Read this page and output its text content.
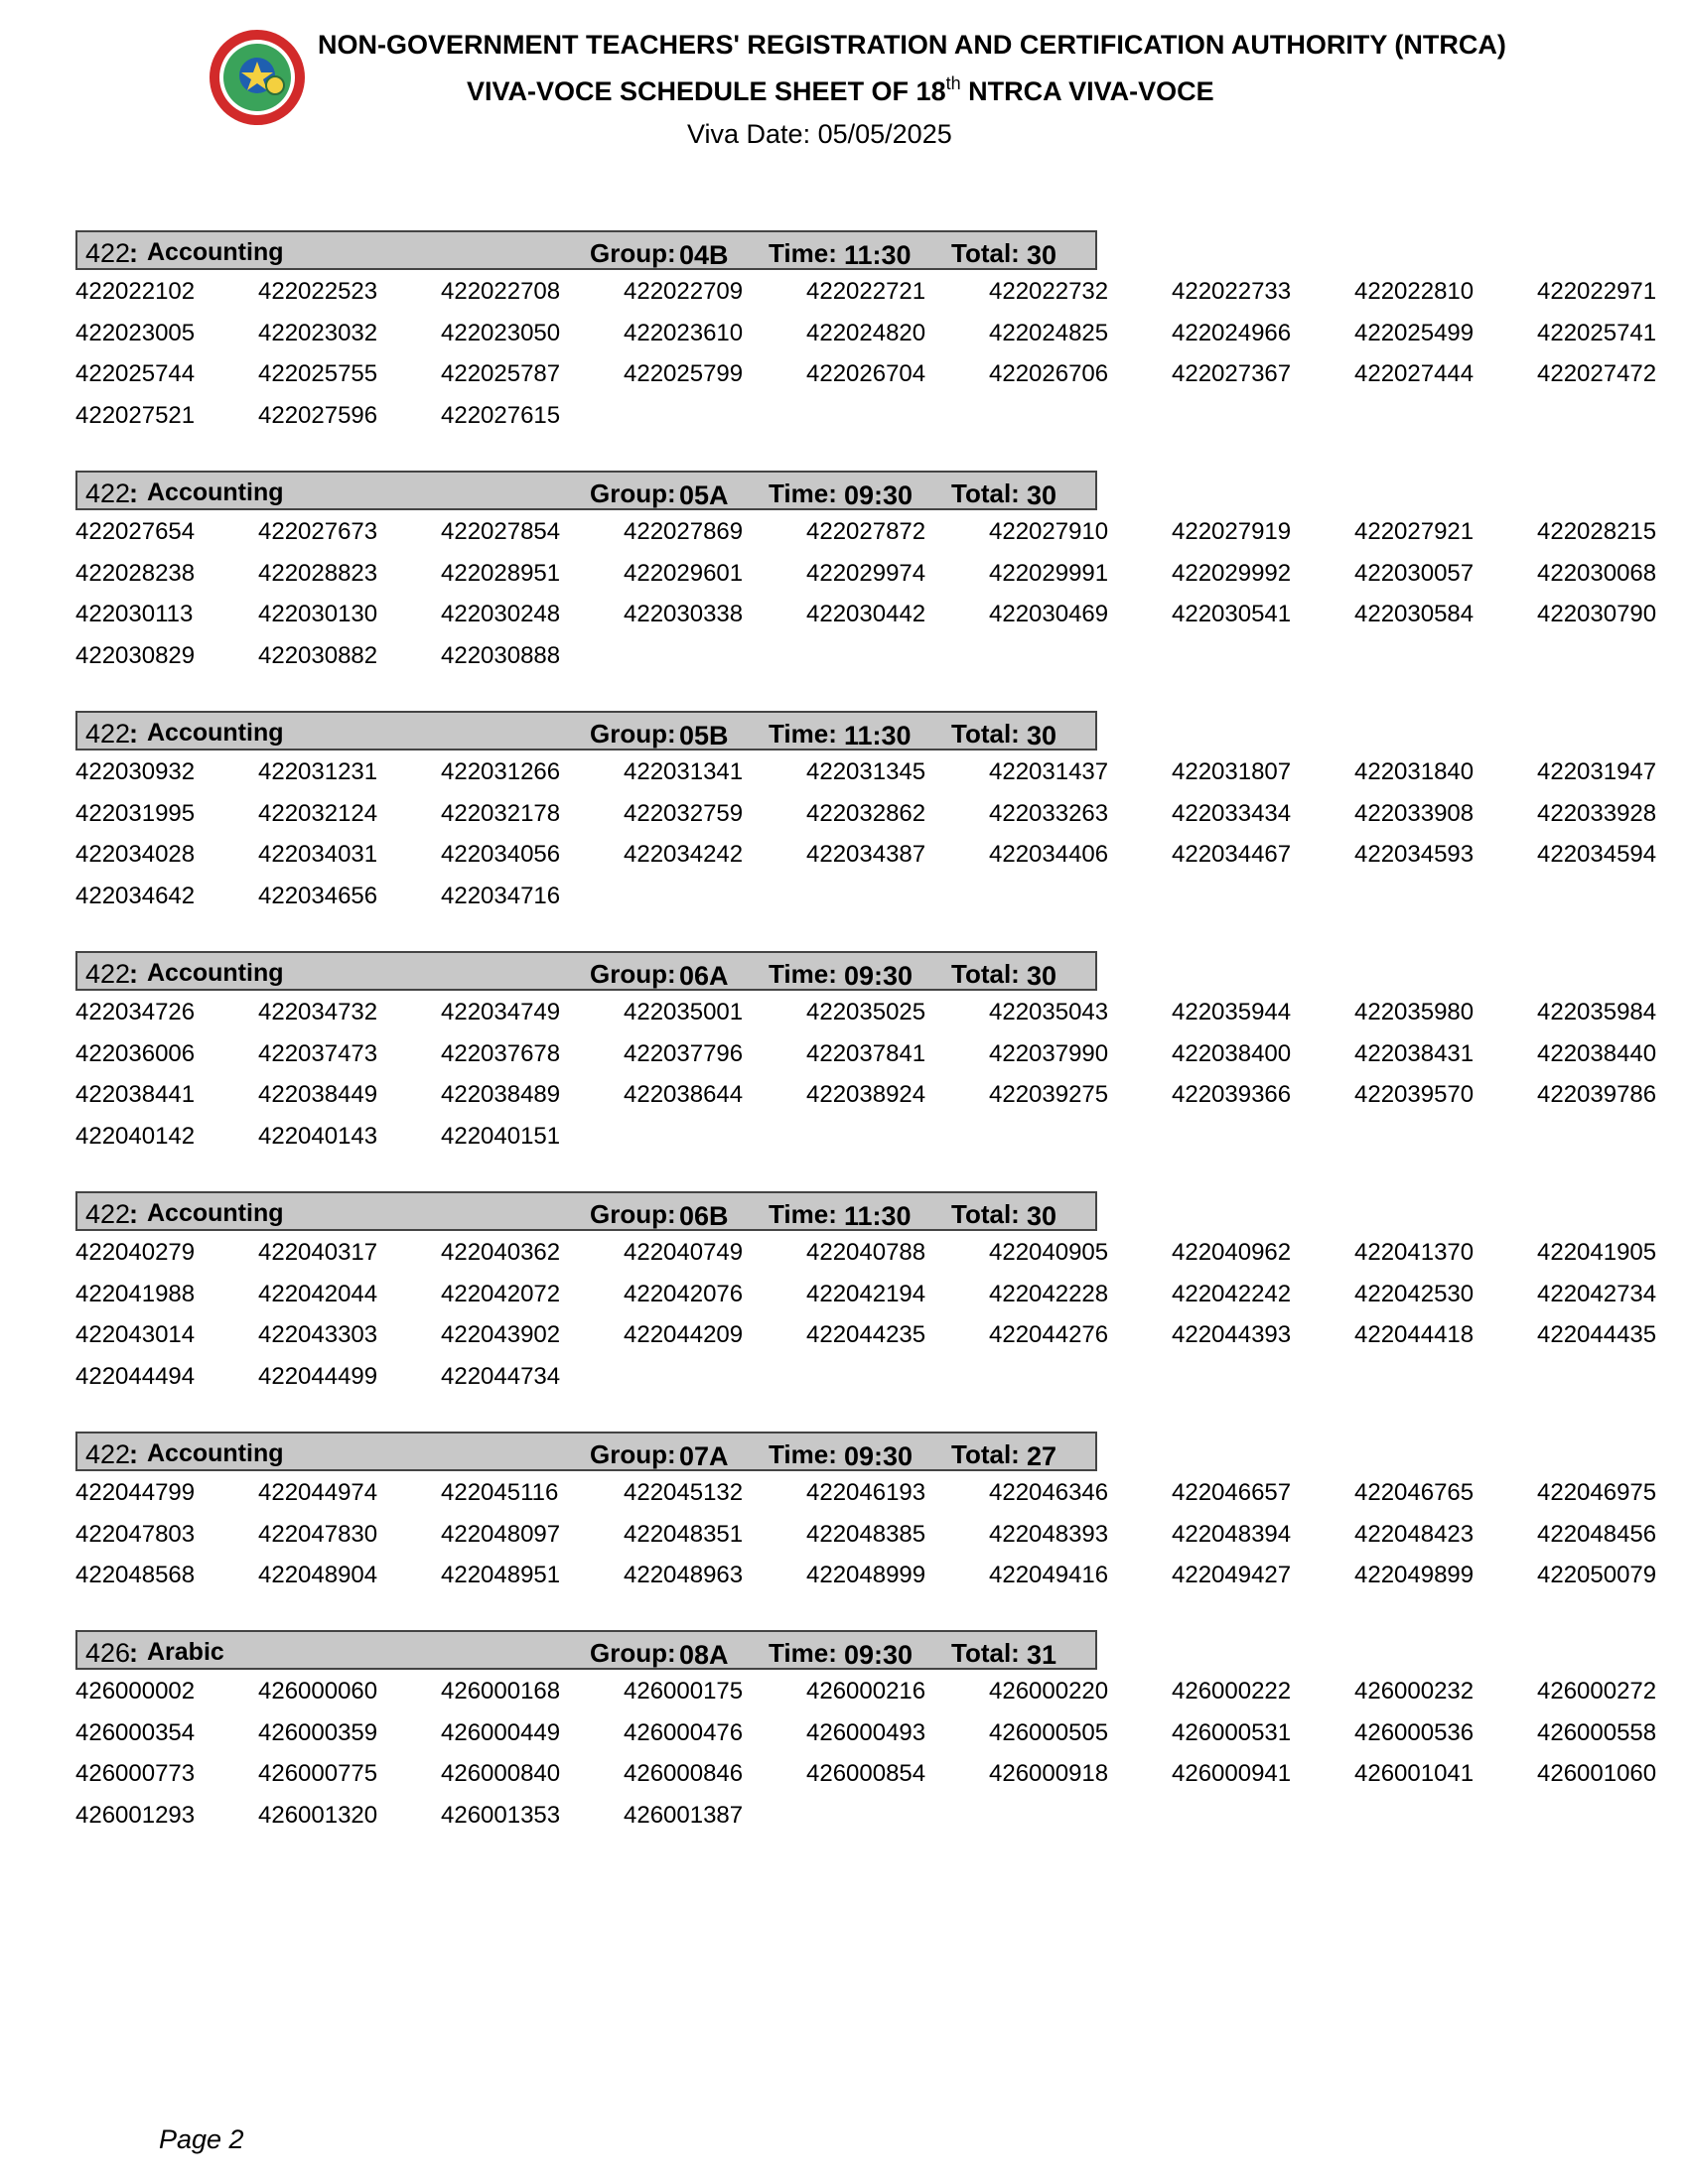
NON-GOVERNMENT TEACHERS' REGISTRATION AND CERTIFICATION AUTHORITY (NTRCA)
VIVA-VOCE SCHEDULE SHEET OF 18th NTRCA VIVA-VOCE
Viva Date: 05/05/2025
422
: Accounting	Group: 04B Time: 11:30 Total: 30
422022102	422022523	422022708	422022709	422022721	422022732	422022733	422022810	422022971
422023005	422023032	422023050	422023610	422024820	422024825	422024966	422025499	422025741
422025744	422025755	422025787	422025799	422026704	422026706	422027367	422027444	422027472
422027521	422027596	422027615
422
: Accounting	Group: 05A Time: 09:30 Total: 30
422027654	422027673	422027854	422027869	422027872	422027910	422027919	422027921	422028215
422028238	422028823	422028951	422029601	422029974	422029991	422029992	422030057	422030068
422030113	422030130	422030248	422030338	422030442	422030469	422030541	422030584	422030790
422030829	422030882	422030888
422
: Accounting	Group: 05B Time: 11:30 Total: 30
422030932	422031231	422031266	422031341	422031345	422031437	422031807	422031840	422031947
422031995	422032124	422032178	422032759	422032862	422033263	422033434	422033908	422033928
422034028	422034031	422034056	422034242	422034387	422034406	422034467	422034593	422034594
422034642	422034656	422034716
422
: Accounting	Group: 06A Time: 09:30 Total: 30
422034726	422034732	422034749	422035001	422035025	422035043	422035944	422035980	422035984
422036006	422037473	422037678	422037796	422037841	422037990	422038400	422038431	422038440
422038441	422038449	422038489	422038644	422038924	422039275	422039366	422039570	422039786
422040142	422040143	422040151
422
: Accounting	Group: 06B Time: 11:30 Total: 30
422040279	422040317	422040362	422040749	422040788	422040905	422040962	422041370	422041905
422041988	422042044	422042072	422042076	422042194	422042228	422042242	422042530	422042734
422043014	422043303	422043902	422044209	422044235	422044276	422044393	422044418	422044435
422044494	422044499	422044734
422
: Accounting	Group: 07A Time: 09:30 Total: 27
422044799	422044974	422045116	422045132	422046193	422046346	422046657	422046765	422046975
422047803	422047830	422048097	422048351	422048385	422048393	422048394	422048423	422048456
422048568	422048904	422048951	422048963	422048999	422049416	422049427	422049899	422050079
426
: Arabic	Group: 08A Time: 09:30 Total: 31
426000002	426000060	426000168	426000175	426000216	426000220	426000222	426000232	426000272
426000354	426000359	426000449	426000476	426000493	426000505	426000531	426000536	426000558
426000773	426000775	426000840	426000846	426000854	426000918	426000941	426001041	426001060
426001293	426001320	426001353	426001387
Page 2
